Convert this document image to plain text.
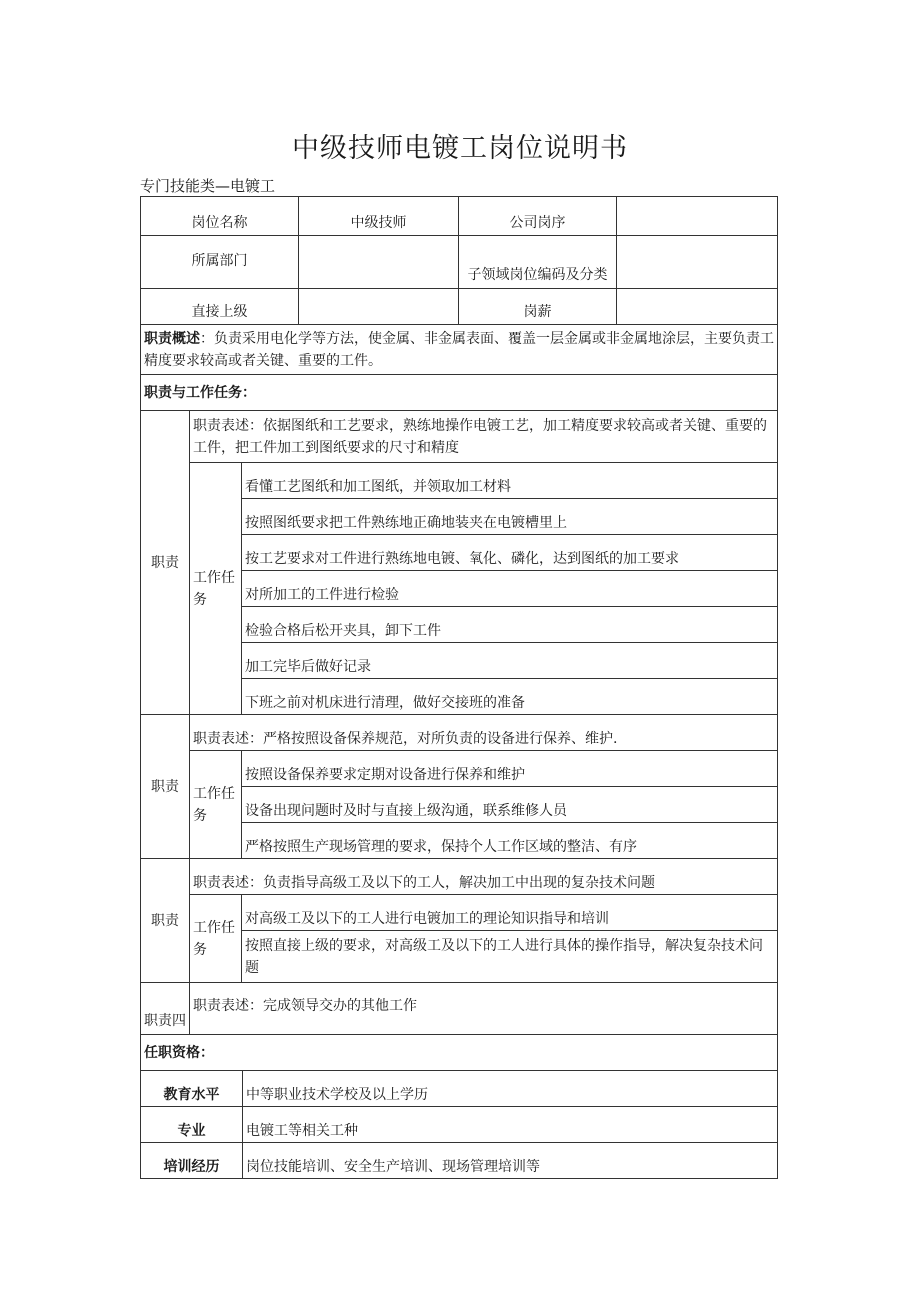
中级技师电镀工岗位说明书
专门技能类—电镀工
岗位名称	中级技师	公司岗序	
所属部门		子领域岗位编码及分类	
直接上级		岗薪	
职责概述：负责采用电化学等方法，使金属、非金属表面、覆盖一层金属或非金属地涂层，主要负责工精度要求较高或者关键、重要的工件。		
职责与工作任务：		
职责	职责表述：依据图纸和工艺要求，熟练地操作电镀工艺，加工精度要求较高或者关键、重要的工件，把工件加工到图纸要求的尺寸和精度	
	工作任务	看懂工艺图纸和加工图纸，并领取加工材料
		按照图纸要求把工件熟练地正确地装夹在电镀槽里上
		按工艺要求对工件进行熟练地电镀、氧化、磷化，达到图纸的加工要求
		对所加工的工件进行检验
		检验合格后松开夹具，卸下工件
		加工完毕后做好记录
		下班之前对机床进行清理，做好交接班的准备
职责	职责表述：严格按照设备保养规范，对所负责的设备进行保养、维护.	
	工作任务	按照设备保养要求定期对设备进行保养和维护
		设备出现问题时及时与直接上级沟通，联系维修人员
		严格按照生产现场管理的要求，保持个人工作区域的整洁、有序
职责	职责表述：负责指导高级工及以下的工人，解决加工中出现的复杂技术问题	
	工作任务	对高级工及以下的工人进行电镀加工的理论知识指导和培训
		按照直接上级的要求，对高级工及以下的工人进行具体的操作指导，解决复杂技术问题
职责四	职责表述：完成领导交办的其他工作	
任职资格：		
教育水平	中等职业技术学校及以上学历
专业	电镀工等相关工种
培训经历	岗位技能培训、安全生产培训、现场管理培训等
